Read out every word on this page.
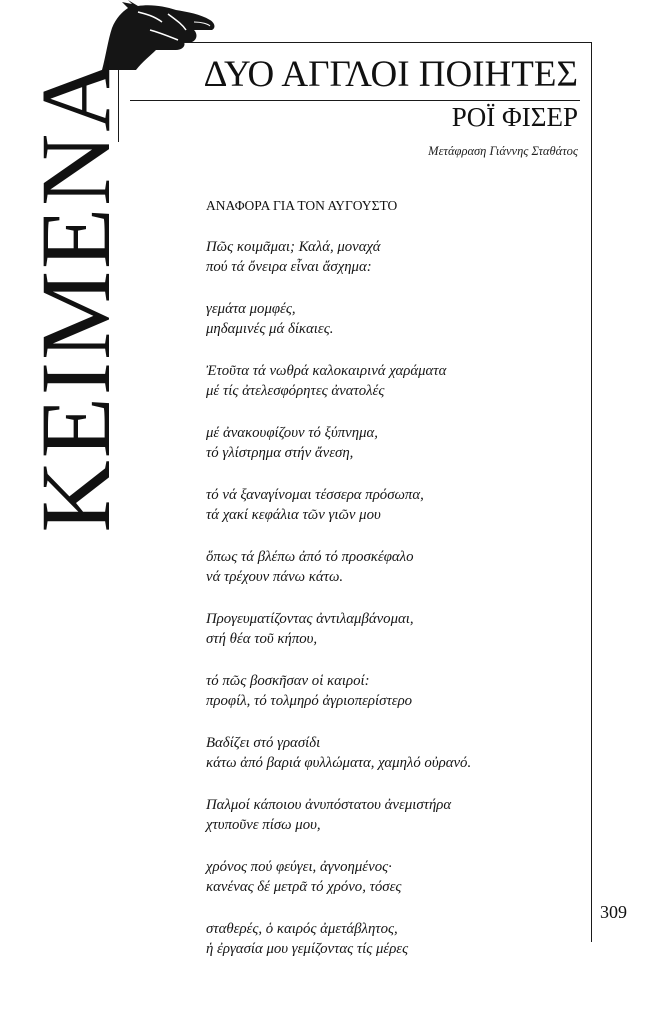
ΚΕΙΜΕΝΑ	ΔΥΟ ΑΓΓΛΟΙ ΠΟΙΗΤΕΣ
ΡΟΪ ΦΙΣΕΡ
Μετάφραση Γιάννης Σταθάτος
ΑΝΑΦΟΡΑ ΓΙΑ ΤΟΝ ΑΥΓΟΥΣΤΟ
Πῶς κοιμᾶμαι; Καλά, μοναχά
πού τά ὄνειρα εἶναι ἄσχημα:
γεμάτα μομφές,
μηδαμινές μά δίκαιες.
Ἐτοῦτα τά νωθρά καλοκαιρινά χαράματα
μέ τίς ἀτελεσφόρητες ἀνατολές
μέ ἀνακουφίζουν τό ξύπνημα,
τό γλίστρημα στήν ἄνεση,
τό νά ξαναγίνομαι τέσσερα πρόσωπα,
τά χακί κεφάλια τῶν γιῶν μου
ὅπως τά βλέπω ἀπό τό προσκέφαλο
νά τρέχουν πάνω κάτω.
Προγευματίζοντας ἀντιλαμβάνομαι,
στή θέα τοῦ κήπου,
τό πῶς βοσκῆσαν οἱ καιροί:
προφίλ, τό τολμηρό ἀγριοπερίστερο
Βαδίζει στό γρασίδι
κάτω ἀπό βαριά φυλλώματα, χαμηλό οὐρανό.
Παλμοί κάποιου ἀνυπόστατου ἀνεμιστήρα
χτυποῦνε πίσω μου,
χρόνος πού φεύγει, ἀγνοημένος·
κανένας δέ μετρᾶ τό χρόνο, τόσες
σταθερές, ὁ καιρός ἀμετάβλητος,
ἡ ἐργασία μου γεμίζοντας τίς μέρες
309
